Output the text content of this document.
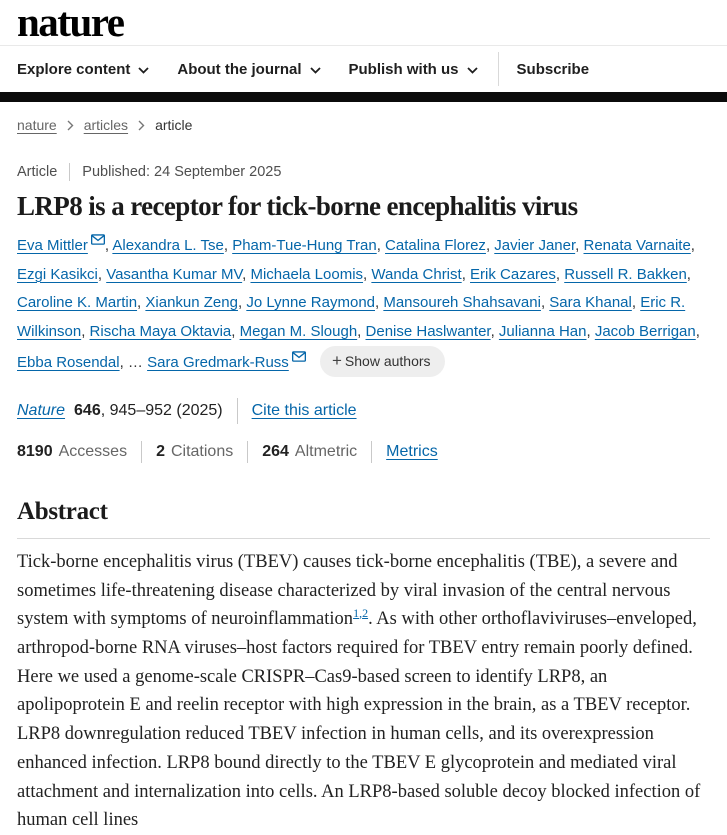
nature
Explore content	About the journal	Publish with us	Subscribe
nature articles article
Article Published: 24 September 2025
LRP8 is a receptor for tick-borne encephalitis virus

Eva Mittler , Alexandra L. Tse, Pham-Tue-Hung Tran, Catalina Florez, Javier Janer, Renata Varnaite, Ezgi Kasikci, Vasantha Kumar MV, Michaela Loomis, Wanda Christ, Erik Cazares, Russell R. Bakken, Caroline K. Martin, Xiankun Zeng, Jo Lynne Raymond, Mansoureh Shahsavani, Sara Khanal, Eric R. Wilkinson, Rischa Maya Oktavia, Megan M. Slough, Denise Haslwanter, Julianna Han, Jacob Berrigan, Ebba Rosendal, … Sara Gredmark-Russ	+ Show authors

Nature 646 , 945–952 (2025) Cite this article
8190 Accesses 2 Citations 264 Altmetric Metrics
Abstract

Tick-borne encephalitis virus (TBEV) causes tick-borne encephalitis (TBE), a severe and sometimes life-threatening disease characterized by viral invasion of the central nervous system with symptoms of neuroinflammation$^{1,2}$. As with other orthoflaviviruses–enveloped, arthropod-borne RNA viruses–host factors required for TBEV entry remain poorly defined. Here we used a genome-scale CRISPR–Cas9-based screen to identify LRP8, an apolipoprotein E and reelin receptor with high expression in the brain, as a TBEV receptor. LRP8 downregulation reduced TBEV infection in human cells, and its overexpression enhanced infection. LRP8 bound directly to the TBEV E glycoprotein and mediated viral attachment and internalization into cells. An LRP8-based soluble decoy blocked infection of human cell lines
